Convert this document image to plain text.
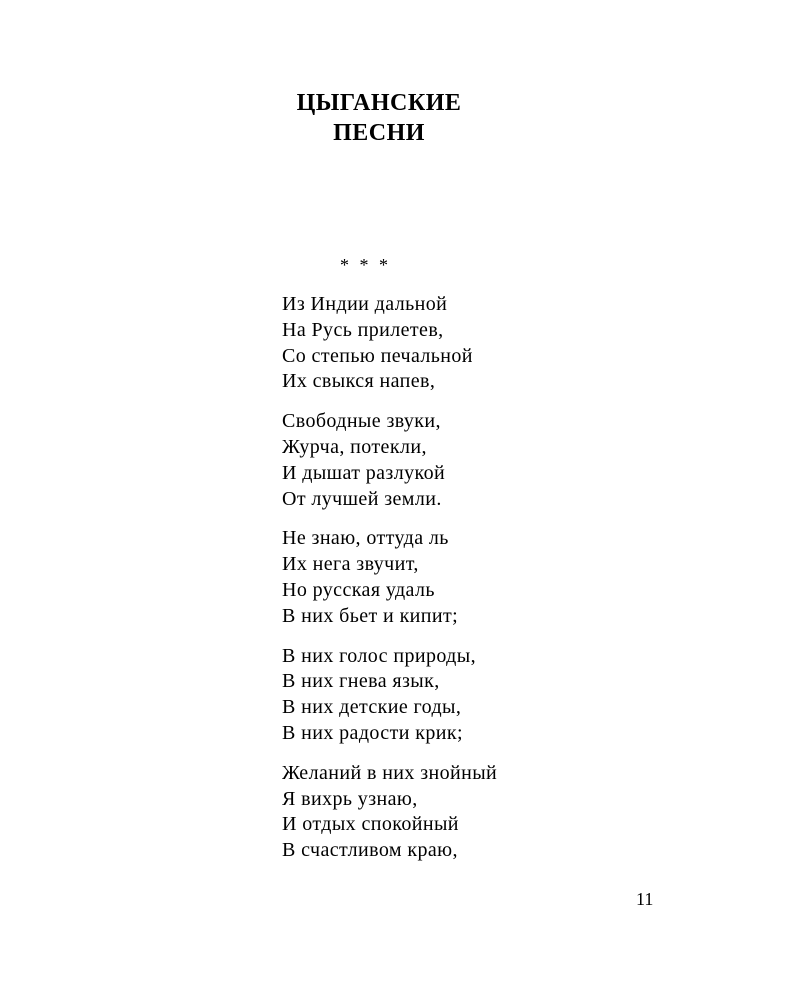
ЦЫГАНСКИЕ
ПЕСНИ
* * *
Из Индии дальной
На Русь прилетев,
Со степью печальной
Их свыкся напев,
Свободные звуки,
Журча, потекли,
И дышат разлукой
От лучшей земли.
Не знаю, оттуда ль
Их нега звучит,
Но русская удаль
В них бьет и кипит;
В них голос природы,
В них гнева язык,
В них детские годы,
В них радости крик;
Желаний в них знойный
Я вихрь узнаю,
И отдых спокойный
В счастливом краю,
11
